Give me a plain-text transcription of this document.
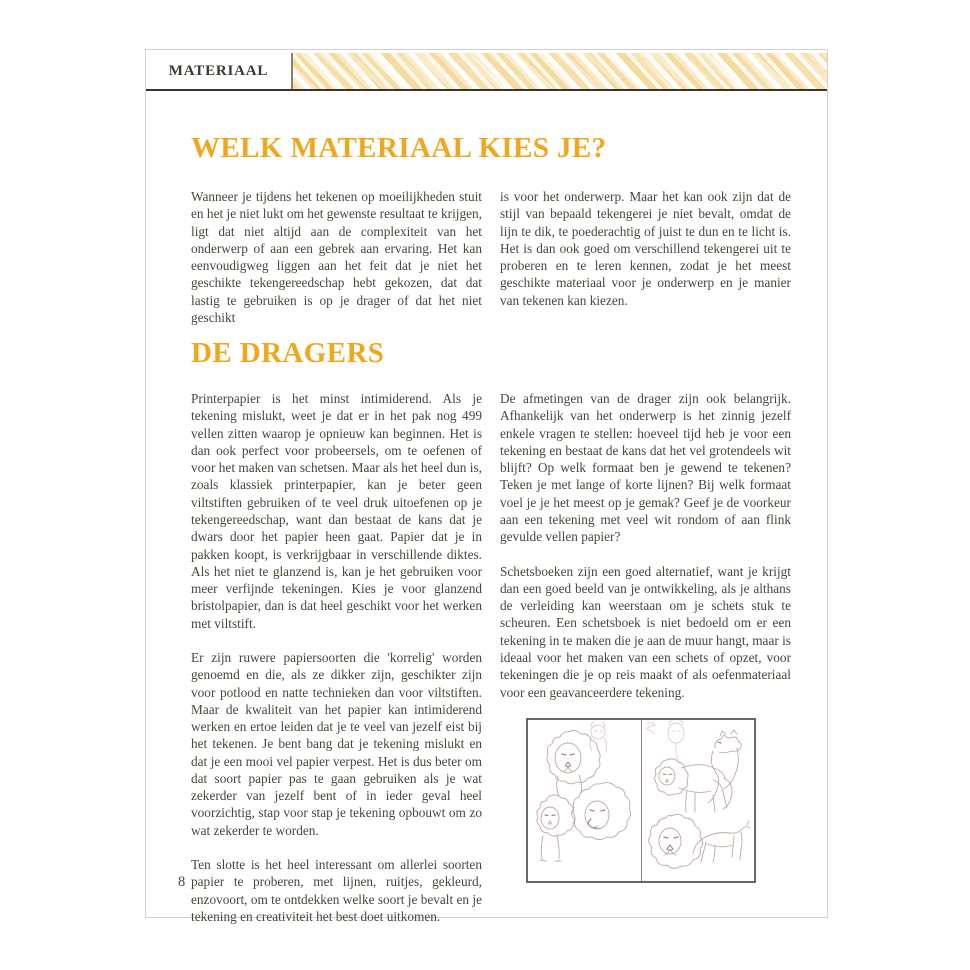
MATERIAAL
WELK MATERIAAL KIES JE?

Wanneer je tijdens het tekenen op moeilijkheden stuit en het je niet lukt om het gewenste resultaat te krijgen, ligt dat niet altijd aan de complexiteit van het onderwerp of aan een gebrek aan ervaring. Het kan eenvoudigweg liggen aan het feit dat je niet het geschikte tekengereedschap hebt gekozen, dat dat lastig te gebruiken is op je drager of dat het niet geschikt

is voor het onderwerp. Maar het kan ook zijn dat de stijl van bepaald tekengerei je niet bevalt, omdat de lijn te dik, te poederachtig of juist te dun en te licht is. Het is dan ook goed om verschillend tekengerei uit te proberen en te leren kennen, zodat je het meest geschikte materiaal voor je onderwerp en je manier van tekenen kan kiezen.

DE DRAGERS

Printerpapier is het minst intimiderend. Als je tekening mislukt, weet je dat er in het pak nog 499 vellen zitten waarop je opnieuw kan beginnen. Het is dan ook perfect voor probeersels, om te oefenen of voor het maken van schetsen. Maar als het heel dun is, zoals klassiek printerpapier, kan je beter geen viltstiften gebruiken of te veel druk uitoefenen op je tekengereedschap, want dan bestaat de kans dat je dwars door het papier heen gaat. Papier dat je in pakken koopt, is verkrijgbaar in verschillende diktes. Als het niet te glanzend is, kan je het gebruiken voor meer verfijnde tekeningen. Kies je voor glanzend bristolpapier, dan is dat heel geschikt voor het werken met viltstift.

Er zijn ruwere papiersoorten die 'korrelig' worden genoemd en die, als ze dikker zijn, geschikter zijn voor potlood en natte technieken dan voor viltstiften. Maar de kwaliteit van het papier kan intimiderend werken en ertoe leiden dat je te veel van jezelf eist bij het tekenen. Je bent bang dat je tekening mislukt en dat je een mooi vel papier verpest. Het is dus beter om dat soort papier pas te gaan gebruiken als je wat zekerder van jezelf bent of in ieder geval heel voorzichtig, stap voor stap je tekening opbouwt om zo wat zekerder te worden.

Ten slotte is het heel interessant om allerlei soorten papier te proberen, met lijnen, ruitjes, gekleurd, enzovoort, om te ontdekken welke soort je bevalt en je tekening en creativiteit het best doet uitkomen.

De afmetingen van de drager zijn ook belangrijk. Afhankelijk van het onderwerp is het zinnig jezelf enkele vragen te stellen: hoeveel tijd heb je voor een tekening en bestaat de kans dat het vel grotendeels wit blijft? Op welk formaat ben je gewend te tekenen? Teken je met lange of korte lijnen? Bij welk formaat voel je je het meest op je gemak? Geef je de voorkeur aan een tekening met veel wit rondom of aan flink gevulde vellen papier?

Schetsboeken zijn een goed alternatief, want je krijgt dan een goed beeld van je ontwikkeling, als je althans de verleiding kan weerstaan om je schets stuk te scheuren. Een schetsboek is niet bedoeld om er een tekening in te maken die je aan de muur hangt, maar is ideaal voor het maken van een schets of opzet, voor tekeningen die je op reis maakt of als oefenmateriaal voor een geavanceerdere tekening.

8
